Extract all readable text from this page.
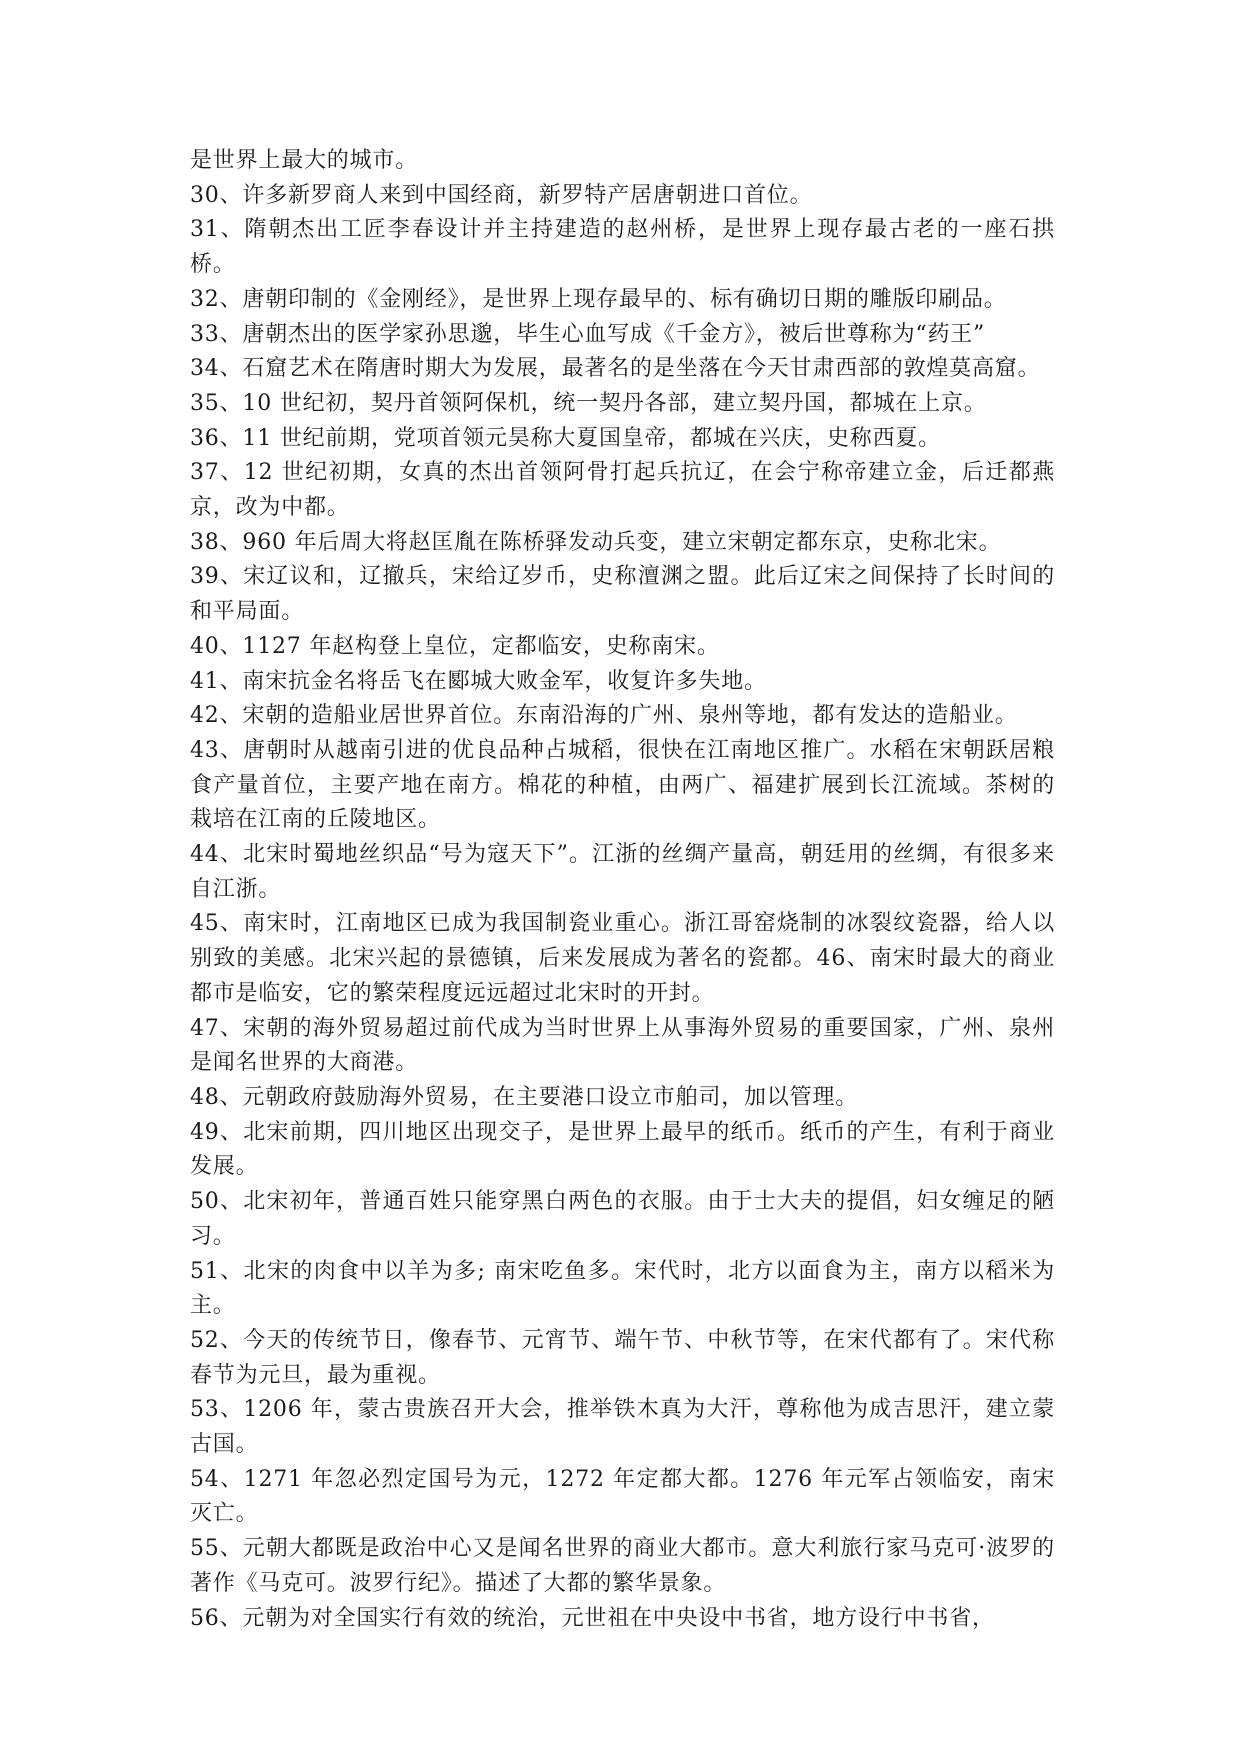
是世界上最大的城市。

30、许多新罗商人来到中国经商，新罗特产居唐朝进口首位。

31、隋朝杰出工匠李春设计并主持建造的赵州桥，是世界上现存最古老的一座石拱桥。

32、唐朝印制的《金刚经》，是世界上现存最早的、标有确切日期的雕版印刷品。

33、唐朝杰出的医学家孙思邈，毕生心血写成《千金方》，被后世尊称为“药王”

34、石窟艺术在隋唐时期大为发展，最著名的是坐落在今天甘肃西部的敦煌莫高窟。

35、10 世纪初，契丹首领阿保机，统一契丹各部，建立契丹国，都城在上京。

36、11 世纪前期，党项首领元昊称大夏国皇帝，都城在兴庆，史称西夏。

37、12 世纪初期，女真的杰出首领阿骨打起兵抗辽，在会宁称帝建立金，后迁都燕京，改为中都。

38、960 年后周大将赵匡胤在陈桥驿发动兵变，建立宋朝定都东京，史称北宋。

39、宋辽议和，辽撤兵，宋给辽岁币，史称澶渊之盟。此后辽宋之间保持了长时间的和平局面。

40、1127 年赵构登上皇位，定都临安，史称南宋。

41、南宋抗金名将岳飞在郾城大败金军，收复许多失地。

42、宋朝的造船业居世界首位。东南沿海的广州、泉州等地，都有发达的造船业。

43、唐朝时从越南引进的优良品种占城稻，很快在江南地区推广。水稻在宋朝跃居粮食产量首位，主要产地在南方。棉花的种植，由两广、福建扩展到长江流域。茶树的栽培在江南的丘陵地区。

44、北宋时蜀地丝织品“号为寇天下”。江浙的丝绸产量高，朝廷用的丝绸，有很多来自江浙。

45、南宋时，江南地区已成为我国制瓷业重心。浙江哥窑烧制的冰裂纹瓷器，给人以别致的美感。北宋兴起的景德镇，后来发展成为著名的瓷都。46、南宋时最大的商业都市是临安，它的繁荣程度远远超过北宋时的开封。

47、宋朝的海外贸易超过前代成为当时世界上从事海外贸易的重要国家，广州、泉州是闻名世界的大商港。

48、元朝政府鼓励海外贸易，在主要港口设立市舶司，加以管理。

49、北宋前期，四川地区出现交子，是世界上最早的纸币。纸币的产生，有利于商业发展。

50、北宋初年，普通百姓只能穿黑白两色的衣服。由于士大夫的提倡，妇女缠足的陋习。

51、北宋的肉食中以羊为多; 南宋吃鱼多。宋代时，北方以面食为主，南方以稻米为主。

52、今天的传统节日，像春节、元宵节、端午节、中秋节等，在宋代都有了。宋代称春节为元旦，最为重视。

53、1206 年，蒙古贵族召开大会，推举铁木真为大汗，尊称他为成吉思汗，建立蒙古国。

54、1271 年忽必烈定国号为元，1272 年定都大都。1276 年元军占领临安，南宋灭亡。

55、元朝大都既是政治中心又是闻名世界的商业大都市。意大利旅行家马克可·波罗的著作《马克可。波罗行纪》。描述了大都的繁华景象。

56、元朝为对全国实行有效的统治，元世祖在中央设中书省，地方设行中书省，
